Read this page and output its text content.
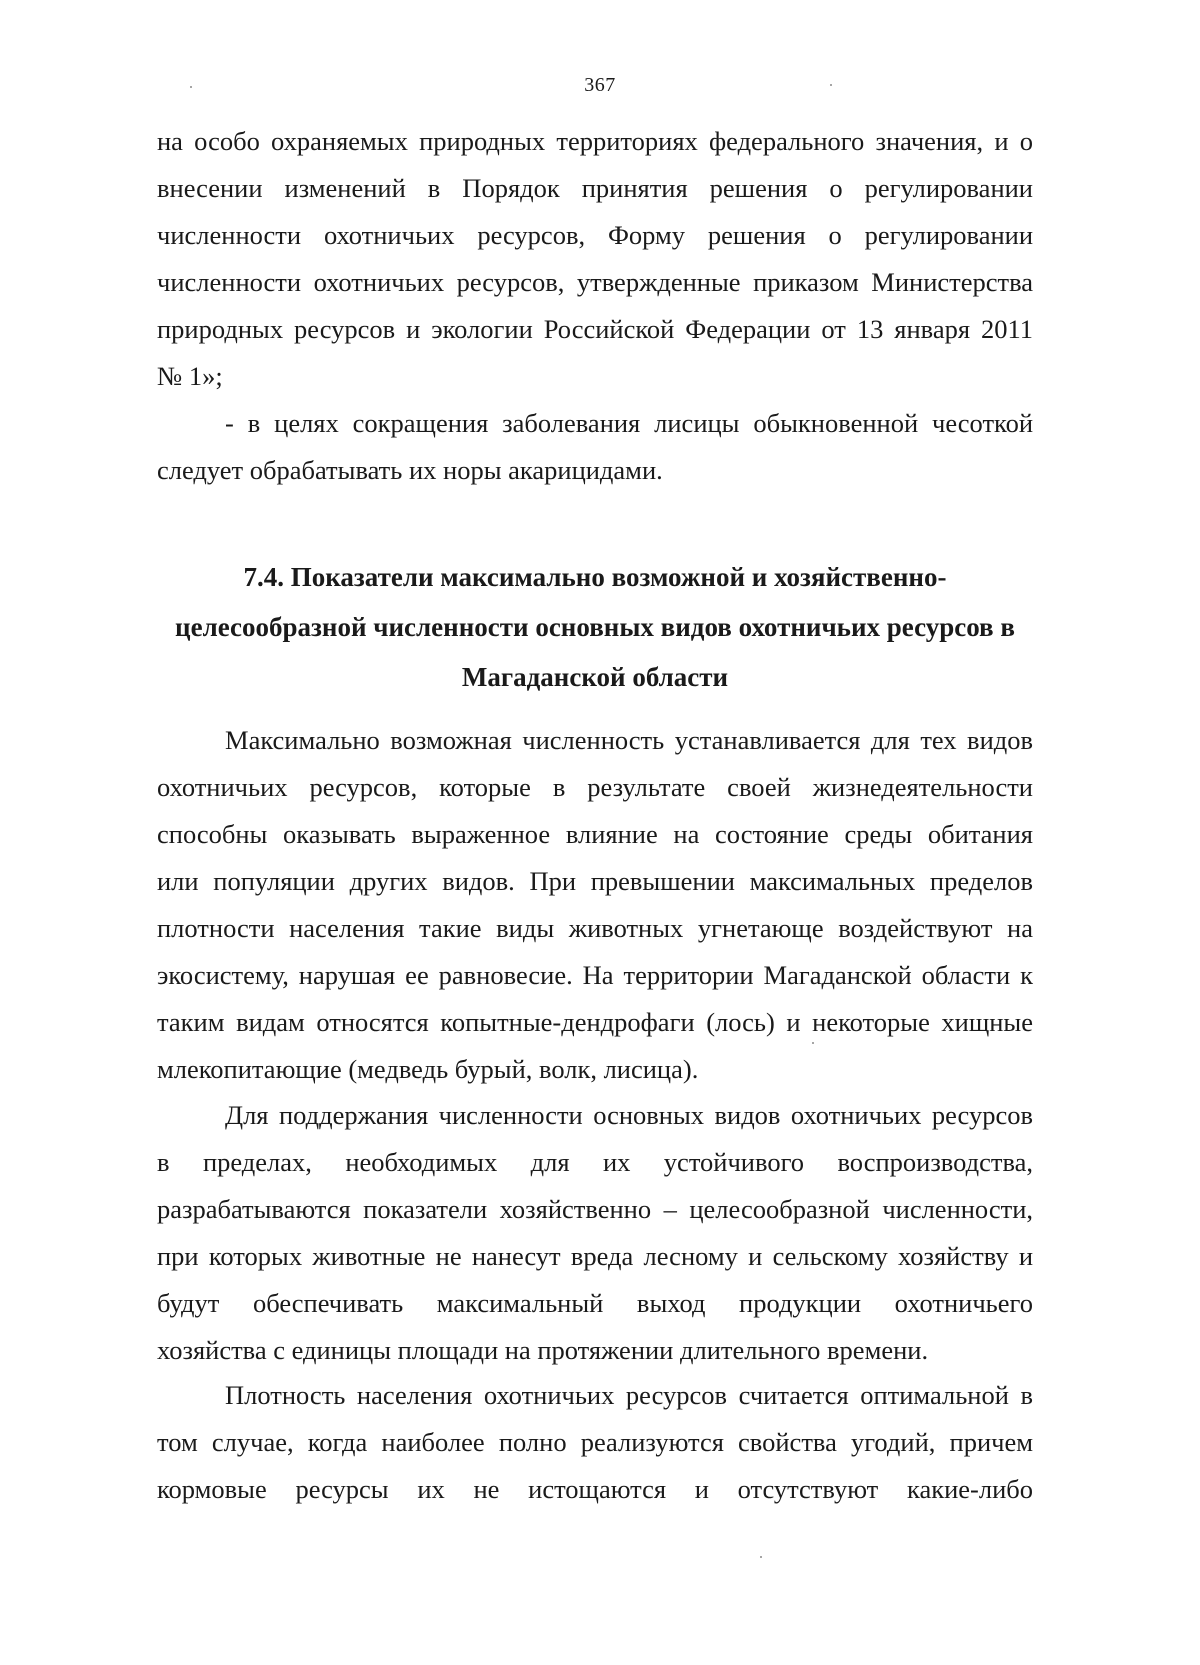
367
на особо охраняемых природных территориях федерального значения, и о
внесении изменений в Порядок принятия решения о регулировании
численности охотничьих ресурсов, Форму решения о регулировании
численности охотничьих ресурсов, утвержденные приказом Министерства
природных ресурсов и экологии Российской Федерации от 13 января 2011
№ 1»;
- в целях сокращения заболевания лисицы обыкновенной чесоткой
следует обрабатывать их норы акарицидами.
7.4. Показатели максимально возможной и хозяйственно-
целесообразной численности основных видов охотничьих ресурсов в
Магаданской области
Максимально возможная численность устанавливается для тех видов
охотничьих ресурсов, которые в результате своей жизнедеятельности
способны оказывать выраженное влияние на состояние среды обитания
или популяции других видов. При превышении максимальных пределов
плотности населения такие виды животных угнетающе воздействуют на
экосистему, нарушая ее равновесие. На территории Магаданской области к
таким видам относятся копытные-дендрофаги (лось) и некоторые хищные
млекопитающие (медведь бурый, волк, лисица).
Для поддержания численности основных видов охотничьих ресурсов
в пределах, необходимых для их устойчивого воспроизводства,
разрабатываются показатели хозяйственно – целесообразной численности,
при которых животные не нанесут вреда лесному и сельскому хозяйству и
будут обеспечивать максимальный выход продукции охотничьего
хозяйства с единицы площади на протяжении длительного времени.
Плотность населения охотничьих ресурсов считается оптимальной в
том случае, когда наиболее полно реализуются свойства угодий, причем
кормовые ресурсы их не истощаются и отсутствуют какие-либо
